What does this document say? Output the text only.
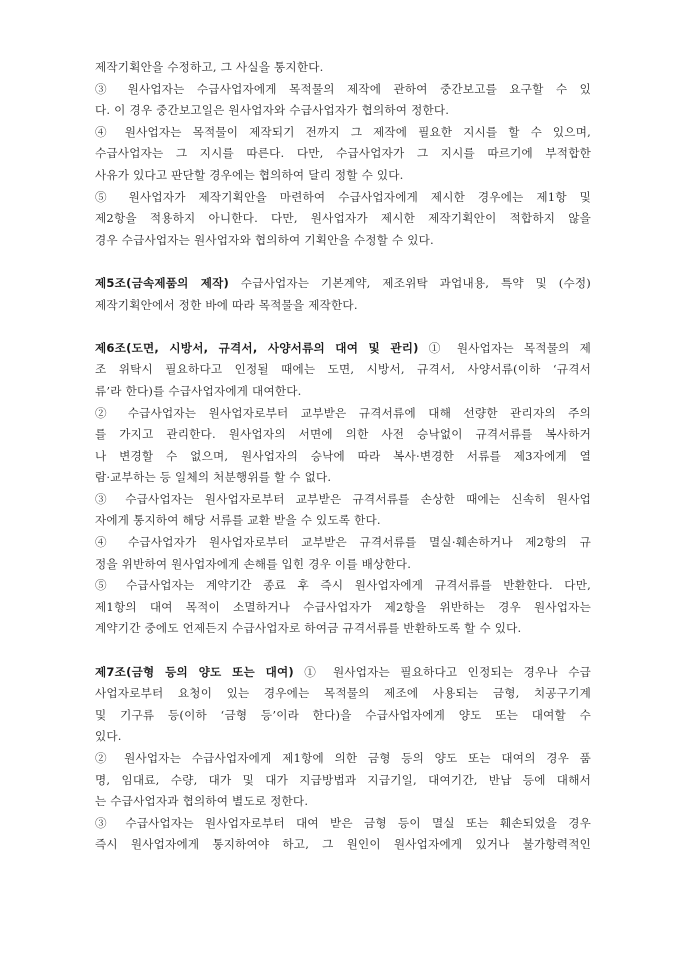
제작기획안을 수정하고, 그 사실을 통지한다.
③ 원사업자는 수급사업자에게 목적물의 제작에 관하여 중간보고를 요구할 수 있
다. 이 경우 중간보고일은 원사업자와 수급사업자가 협의하여 정한다.
④ 원사업자는 목적물이 제작되기 전까지 그 제작에 필요한 지시를 할 수 있으며,
수급사업자는 그 지시를 따른다. 다만, 수급사업자가 그 지시를 따르기에 부적합한
사유가 있다고 판단할 경우에는 협의하여 달리 정할 수 있다.
⑤ 원사업자가 제작기획안을 마련하여 수급사업자에게 제시한 경우에는 제1항 및
제2항을 적용하지 아니한다. 다만, 원사업자가 제시한 제작기획안이 적합하지 않을
경우 수급사업자는 원사업자와 협의하여 기획안을 수정할 수 있다.
제5조(금속제품의 제작) 수급사업자는 기본계약, 제조위탁 과업내용, 특약 및 (수정)
제작기획안에서 정한 바에 따라 목적물을 제작한다.
제6조(도면, 시방서, 규격서, 사양서류의 대여 및 관리) ① 원사업자는 목적물의 제
조 위탁시 필요하다고 인정될 때에는 도면, 시방서, 규격서, 사양서류(이하 ‘규격서
류’라 한다)를 수급사업자에게 대여한다.
② 수급사업자는 원사업자로부터 교부받은 규격서류에 대해 선량한 관리자의 주의
를 가지고 관리한다. 원사업자의 서면에 의한 사전 승낙없이 규격서류를 복사하거
나 변경할 수 없으며, 원사업자의 승낙에 따라 복사·변경한 서류를 제3자에게 열
람·교부하는 등 일체의 처분행위를 할 수 없다.
③ 수급사업자는 원사업자로부터 교부받은 규격서류를 손상한 때에는 신속히 원사업
자에게 통지하여 해당 서류를 교환 받을 수 있도록 한다.
④ 수급사업자가 원사업자로부터 교부받은 규격서류를 멸실·훼손하거나 제2항의 규
정을 위반하여 원사업자에게 손해를 입힌 경우 이를 배상한다.
⑤ 수급사업자는 계약기간 종료 후 즉시 원사업자에게 규격서류를 반환한다. 다만,
제1항의 대여 목적이 소멸하거나 수급사업자가 제2항을 위반하는 경우 원사업자는
계약기간 중에도 언제든지 수급사업자로 하여금 규격서류를 반환하도록 할 수 있다.
제7조(금형 등의 양도 또는 대여) ① 원사업자는 필요하다고 인정되는 경우나 수급
사업자로부터 요청이 있는 경우에는 목적물의 제조에 사용되는 금형, 치공구기계
및 기구류 등(이하 ‘금형 등’이라 한다)을 수급사업자에게 양도 또는 대여할 수
있다.
② 원사업자는 수급사업자에게 제1항에 의한 금형 등의 양도 또는 대여의 경우 품
명, 임대료, 수량, 대가 및 대가 지급방법과 지급기일, 대여기간, 반납 등에 대해서
는 수급사업자과 협의하여 별도로 정한다.
③ 수급사업자는 원사업자로부터 대여 받은 금형 등이 멸실 또는 훼손되었을 경우
즉시 원사업자에게 통지하여야 하고, 그 원인이 원사업자에게 있거나 불가항력적인
